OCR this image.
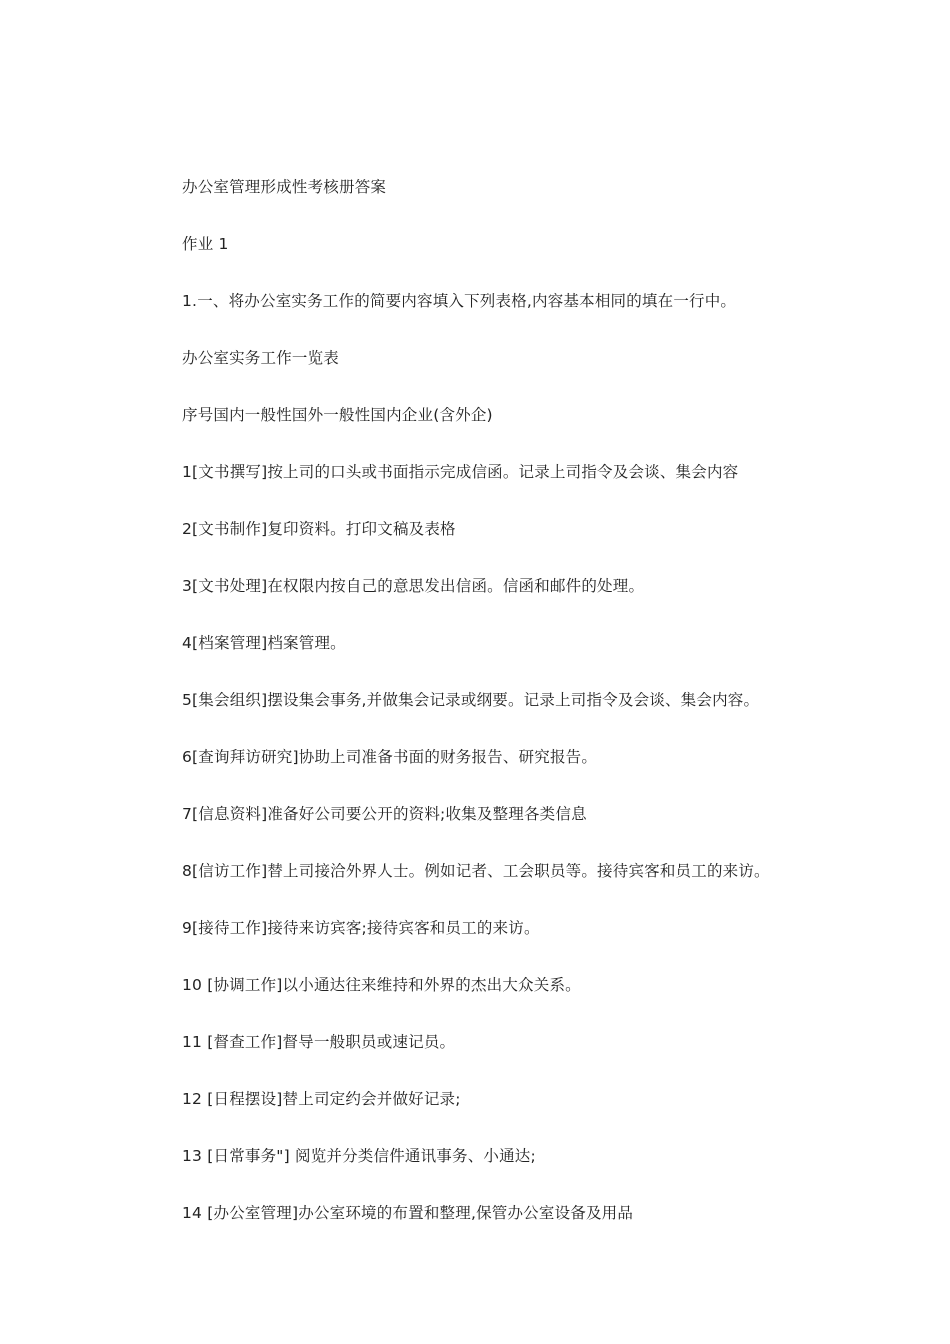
办公室管理形成性考核册答案
作业 1
1.一、将办公室实务工作的简要内容填入下列表格,内容基本相同的填在一行中。
办公室实务工作一览表
序号国内一般性国外一般性国内企业(含外企)
1[文书撰写]按上司的口头或书面指示完成信函。记录上司指令及会谈、集会内容
2[文书制作]复印资料。打印文稿及表格
3[文书处理]在权限内按自己的意思发出信函。信函和邮件的处理。
4[档案管理]档案管理。
5[集会组织]摆设集会事务,并做集会记录或纲要。记录上司指令及会谈、集会内容。
6[查询拜访研究]协助上司准备书面的财务报告、研究报告。
7[信息资料]准备好公司要公开的资料;收集及整理各类信息
8[信访工作]替上司接洽外界人士。例如记者、工会职员等。接待宾客和员工的来访。
9[接待工作]接待来访宾客;接待宾客和员工的来访。
10 [协调工作]以小通达往来维持和外界的杰出大众关系。
11 [督查工作]督导一般职员或速记员。
12 [日程摆设]替上司定约会并做好记录;
13 [日常事务"] 阅览并分类信件通讯事务、小通达;
14 [办公室管理]办公室环境的布置和整理,保管办公室设备及用品
